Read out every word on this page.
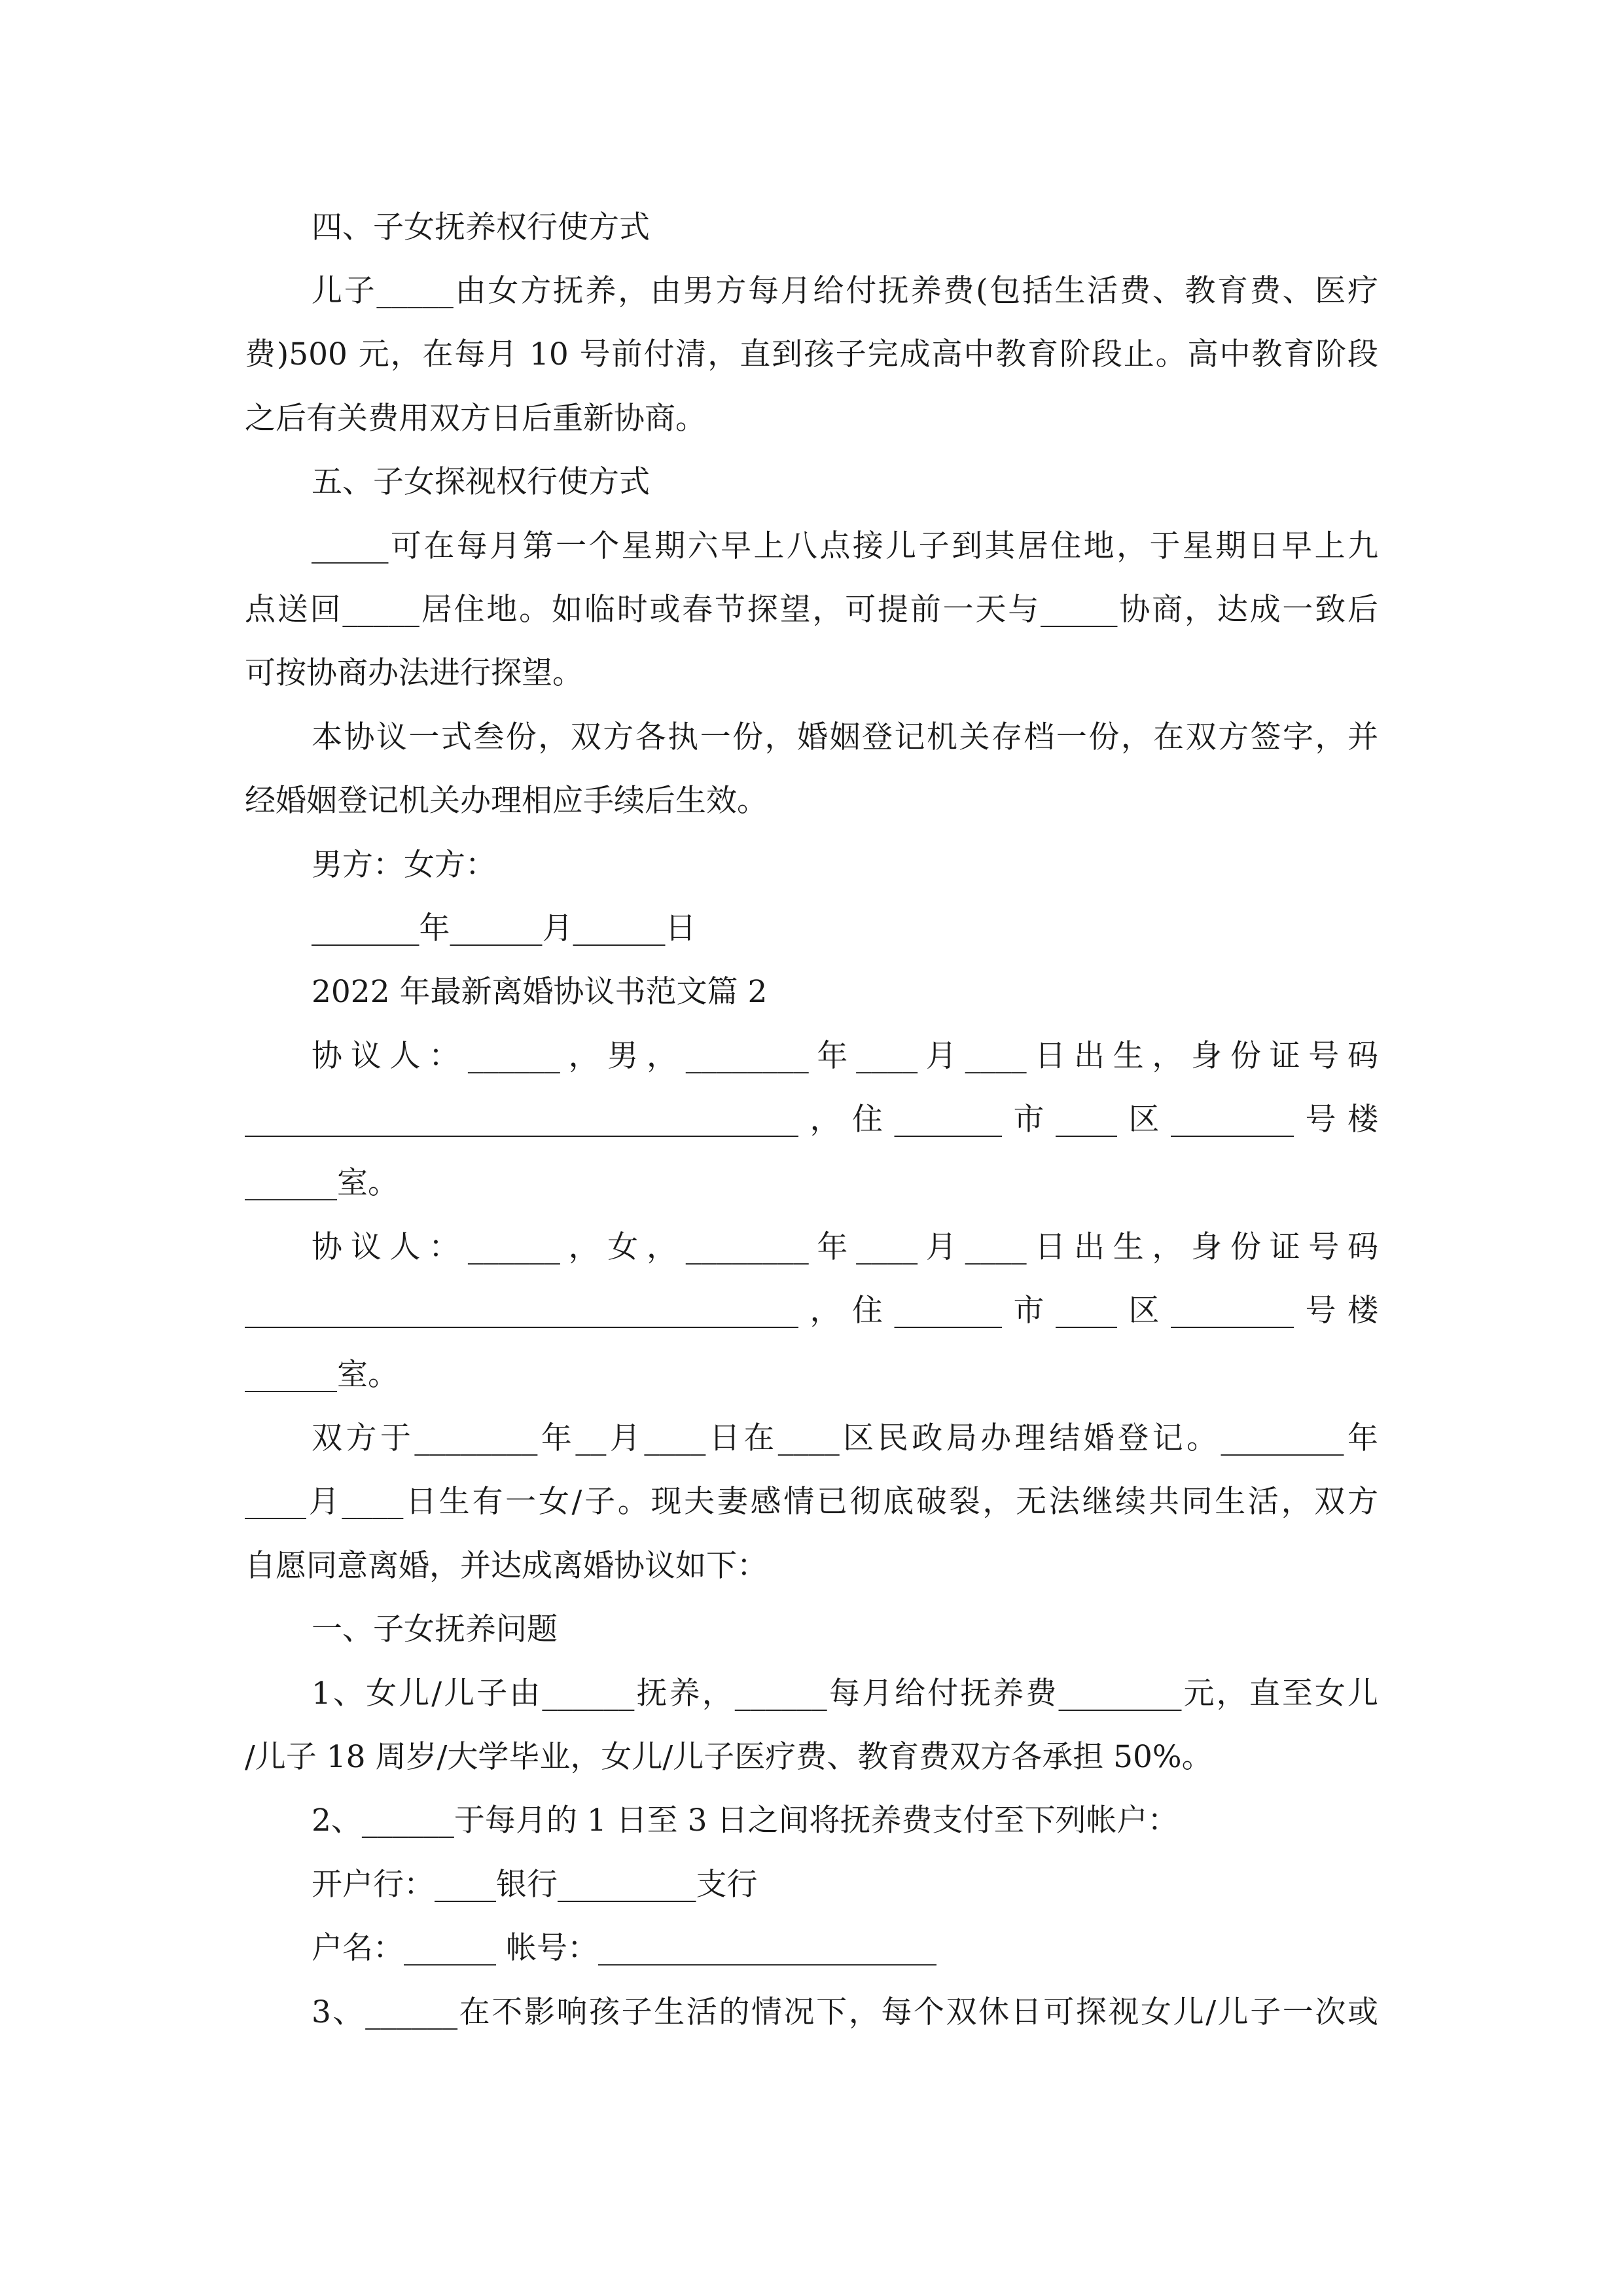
四、子女抚养权行使方式
儿子_____由女方抚养，由男方每月给付抚养费(包括生活费、教育费、医疗
费)500 元，在每月 10 号前付清，直到孩子完成高中教育阶段止。高中教育阶段
之后有关费用双方日后重新协商。
五、子女探视权行使方式
_____可在每月第一个星期六早上八点接儿子到其居住地，于星期日早上九
点送回_____居住地。如临时或春节探望，可提前一天与_____协商，达成一致后
可按协商办法进行探望。
本协议一式叁份，双方各执一份，婚姻登记机关存档一份，在双方签字，并
经婚姻登记机关办理相应手续后生效。
男方：女方：
_______年______月______日
2022 年最新离婚协议书范文篇 2
协议人：______，男，________年____月____日出生，身份证号码
____________________________________，住_______市____区________号楼
______室。
协议人：______，女，________年____月____日出生，身份证号码
____________________________________，住_______市____区________号楼
______室。
双方于________年__月____日在____区民政局办理结婚登记。________年
____月____日生有一女/子。现夫妻感情已彻底破裂，无法继续共同生活，双方
自愿同意离婚，并达成离婚协议如下：
一、子女抚养问题
1、女儿/儿子由______抚养，______每月给付抚养费________元，直至女儿
/儿子 18 周岁/大学毕业，女儿/儿子医疗费、教育费双方各承担 50%。
2、______于每月的 1 日至 3 日之间将抚养费支付至下列帐户：
开户行：____银行_________支行
户名：______ 帐号：______________________
3、______在不影响孩子生活的情况下，每个双休日可探视女儿/儿子一次或
